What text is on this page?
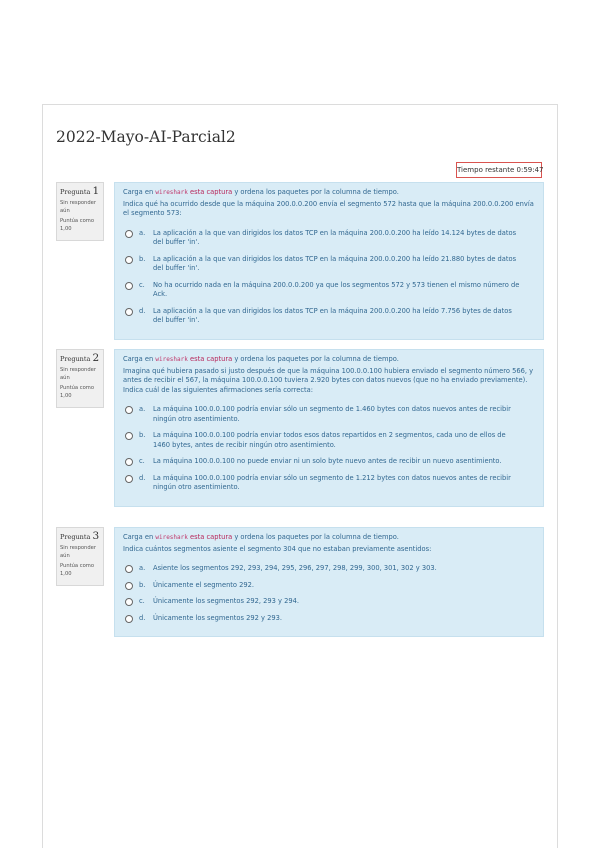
2022-Mayo-AI-Parcial2
Tiempo restante 0:59:47

Pregunta 1

Sin responder aún

Puntúa como 1,00

Carga en wireshark esta captura y ordena los paquetes por la columna de tiempo.

Indica qué ha ocurrido desde que la máquina 200.0.0.200 envía el segmento 572 hasta que la máquina 200.0.0.200 envía el segmento 573:

a.	La aplicación a la que van dirigidos los datos TCP en la máquina 200.0.0.200 ha leído 14.124 bytes de datos del buffer 'in'.
b.	La aplicación a la que van dirigidos los datos TCP en la máquina 200.0.0.200 ha leído 21.880 bytes de datos del buffer 'in'.
c.	No ha ocurrido nada en la máquina 200.0.0.200 ya que los segmentos 572 y 573 tienen el mismo número de Ack.
d.	La aplicación a la que van dirigidos los datos TCP en la máquina 200.0.0.200 ha leído 7.756 bytes de datos del buffer 'in'.

Pregunta 2

Sin responder aún

Puntúa como 1,00

Carga en wireshark esta captura y ordena los paquetes por la columna de tiempo.

Imagina qué hubiera pasado si justo después de que la máquina 100.0.0.100 hubiera enviado el segmento número 566, y antes de recibir el 567, la máquina 100.0.0.100 tuviera 2.920 bytes con datos nuevos (que no ha enviado previamente). Indica cuál de las siguientes afirmaciones sería correcta:

a.	La máquina 100.0.0.100 podría enviar sólo un segmento de 1.460 bytes con datos nuevos antes de recibir ningún otro asentimiento.
b.	La máquina 100.0.0.100 podría enviar todos esos datos repartidos en 2 segmentos, cada uno de ellos de 1460 bytes, antes de recibir ningún otro asentimiento.
c.	La máquina 100.0.0.100 no puede enviar ni un solo byte nuevo antes de recibir un nuevo asentimiento.
d.	La máquina 100.0.0.100 podría enviar sólo un segmento de 1.212 bytes con datos nuevos antes de recibir ningún otro asentimiento.

Pregunta 3

Sin responder aún

Puntúa como 1,00

Carga en wireshark esta captura y ordena los paquetes por la columna de tiempo.

Indica cuántos segmentos asiente el segmento 304 que no estaban previamente asentidos:

a.	Asiente los segmentos 292, 293, 294, 295, 296, 297, 298, 299, 300, 301, 302 y 303.
b.	Únicamente el segmento 292.
c.	Únicamente los segmentos 292, 293 y 294.
d.	Únicamente los segmentos 292 y 293.
